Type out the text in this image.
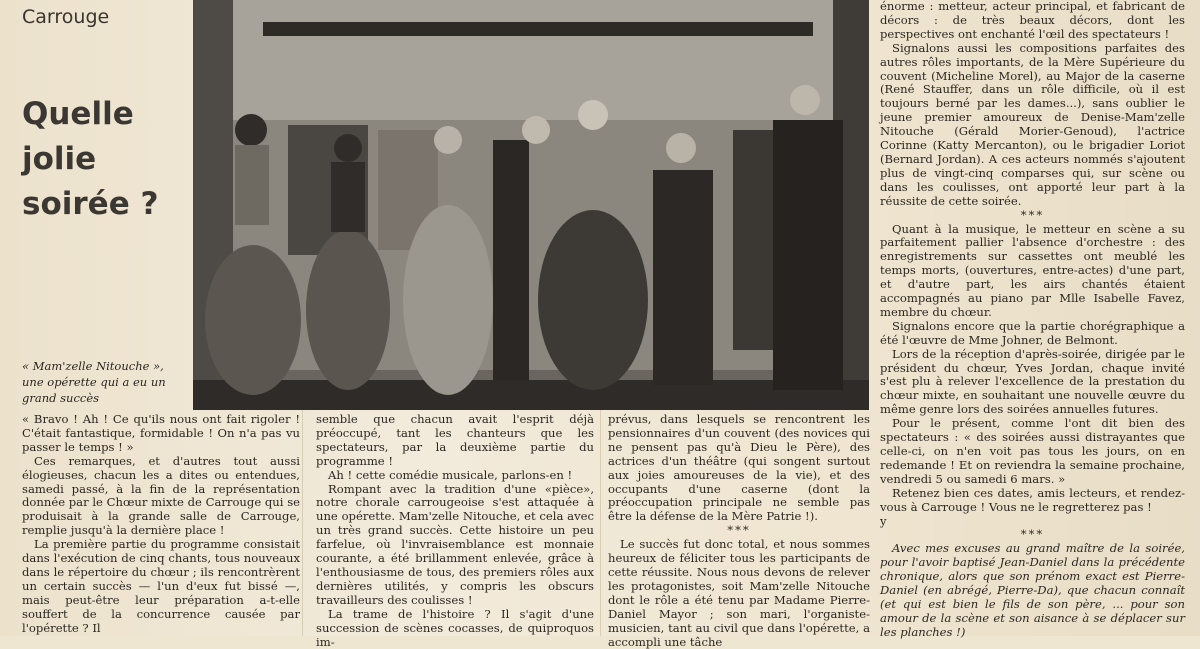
Carrouge
Quelle
jolie
soirée ?
« Mam'zelle Nitouche », une opérette qui a eu un grand succès

« Bravo ! Ah ! Ce qu'ils nous ont fait rigoler ! C'était fantastique, formidable ! On n'a pas vu passer le temps ! »

Ces remarques, et d'autres tout aussi élogieuses, chacun les a dites ou entendues, samedi passé, à la fin de la représentation donnée par le Chœur mixte de Carrouge qui se produisait à la grande salle de Carrouge, remplie jusqu'à la dernière place !

La première partie du programme consistait dans l'exécution de cinq chants, tous nouveaux dans le répertoire du chœur ; ils rencontrèrent un certain succès — l'un d'eux fut bissé —, mais peut-être leur préparation a-t-elle souffert de la concurrence causée par l'opérette ? Il

semble que chacun avait l'esprit déjà préoccupé, tant les chanteurs que les spectateurs, par la deuxième partie du programme !

Ah ! cette comédie musicale, parlons-en !

Rompant avec la tradition d'une «pièce», notre chorale carrougeoise s'est attaquée à une opérette. Mam'zelle Nitouche, et cela avec un très grand succès. Cette histoire un peu farfelue, où l'invraisemblance est monnaie courante, a été brillamment enlevée, grâce à l'enthousiasme de tous, des premiers rôles aux dernières utilités, y compris les obscurs travailleurs des coulisses !

La trame de l'histoire ? Il s'agit d'une succession de scènes cocasses, de quiproquos im-

prévus, dans lesquels se rencontrent les pensionnaires d'un couvent (des novices qui ne pensent pas qu'à Dieu le Père), des actrices d'un théâtre (qui songent surtout aux joies amoureuses de la vie), et des occupants d'une caserne (dont la préoccupation principale ne semble pas être la défense de la Mère Patrie !).

***

Le succès fut donc total, et nous sommes heureux de féliciter tous les participants de cette réussite. Nous nous devons de relever les protagonistes, soit Mam'zelle Nitouche dont le rôle a été tenu par Madame Pierre-Daniel Mayor ; son mari, l'organiste-musicien, tant au civil que dans l'opérette, a accompli une tâche

énorme : metteur, acteur principal, et fabricant de décors : de très beaux décors, dont les perspectives ont enchanté l'œil des spectateurs !

Signalons aussi les compositions parfaites des autres rôles importants, de la Mère Supérieure du couvent (Micheline Morel), au Major de la caserne (René Stauffer, dans un rôle difficile, où il est toujours berné par les dames...), sans oublier le jeune premier amoureux de Denise-Mam'zelle Nitouche (Gérald Morier-Genoud), l'actrice Corinne (Katty Mercanton), ou le brigadier Loriot (Bernard Jordan). A ces acteurs nommés s'ajoutent plus de vingt-cinq comparses qui, sur scène ou dans les coulisses, ont apporté leur part à la réussite de cette soirée.

***

Quant à la musique, le metteur en scène a su parfaitement pallier l'absence d'orchestre : des enregistrements sur cassettes ont meublé les temps morts, (ouvertures, entre-actes) d'une part, et d'autre part, les airs chantés étaient accompagnés au piano par Mlle Isabelle Favez, membre du chœur.

Signalons encore que la partie chorégraphique a été l'œuvre de Mme Johner, de Belmont.

Lors de la réception d'après-soirée, dirigée par le président du chœur, Yves Jordan, chaque invité s'est plu à relever l'excellence de la prestation du chœur mixte, en souhaitant une nouvelle œuvre du même genre lors des soirées annuelles futures.

Pour le présent, comme l'ont dit bien des spectateurs : « des soirées aussi distrayantes que celle-ci, on n'en voit pas tous les jours, on en redemande ! Et on reviendra la semaine prochaine, vendredi 5 ou samedi 6 mars. »

Retenez bien ces dates, amis lecteurs, et rendez-vous à Carrouge ! Vous ne le regretterez pas !

y

***

Avec mes excuses au grand maître de la soirée, pour l'avoir baptisé Jean-Daniel dans la précédente chronique, alors que son prénom exact est Pierre-Daniel (en abrégé, Pierre-Da), que chacun connaît (et qui est bien le fils de son père, ... pour son amour de la scène et son aisance à se déplacer sur les planches !)
